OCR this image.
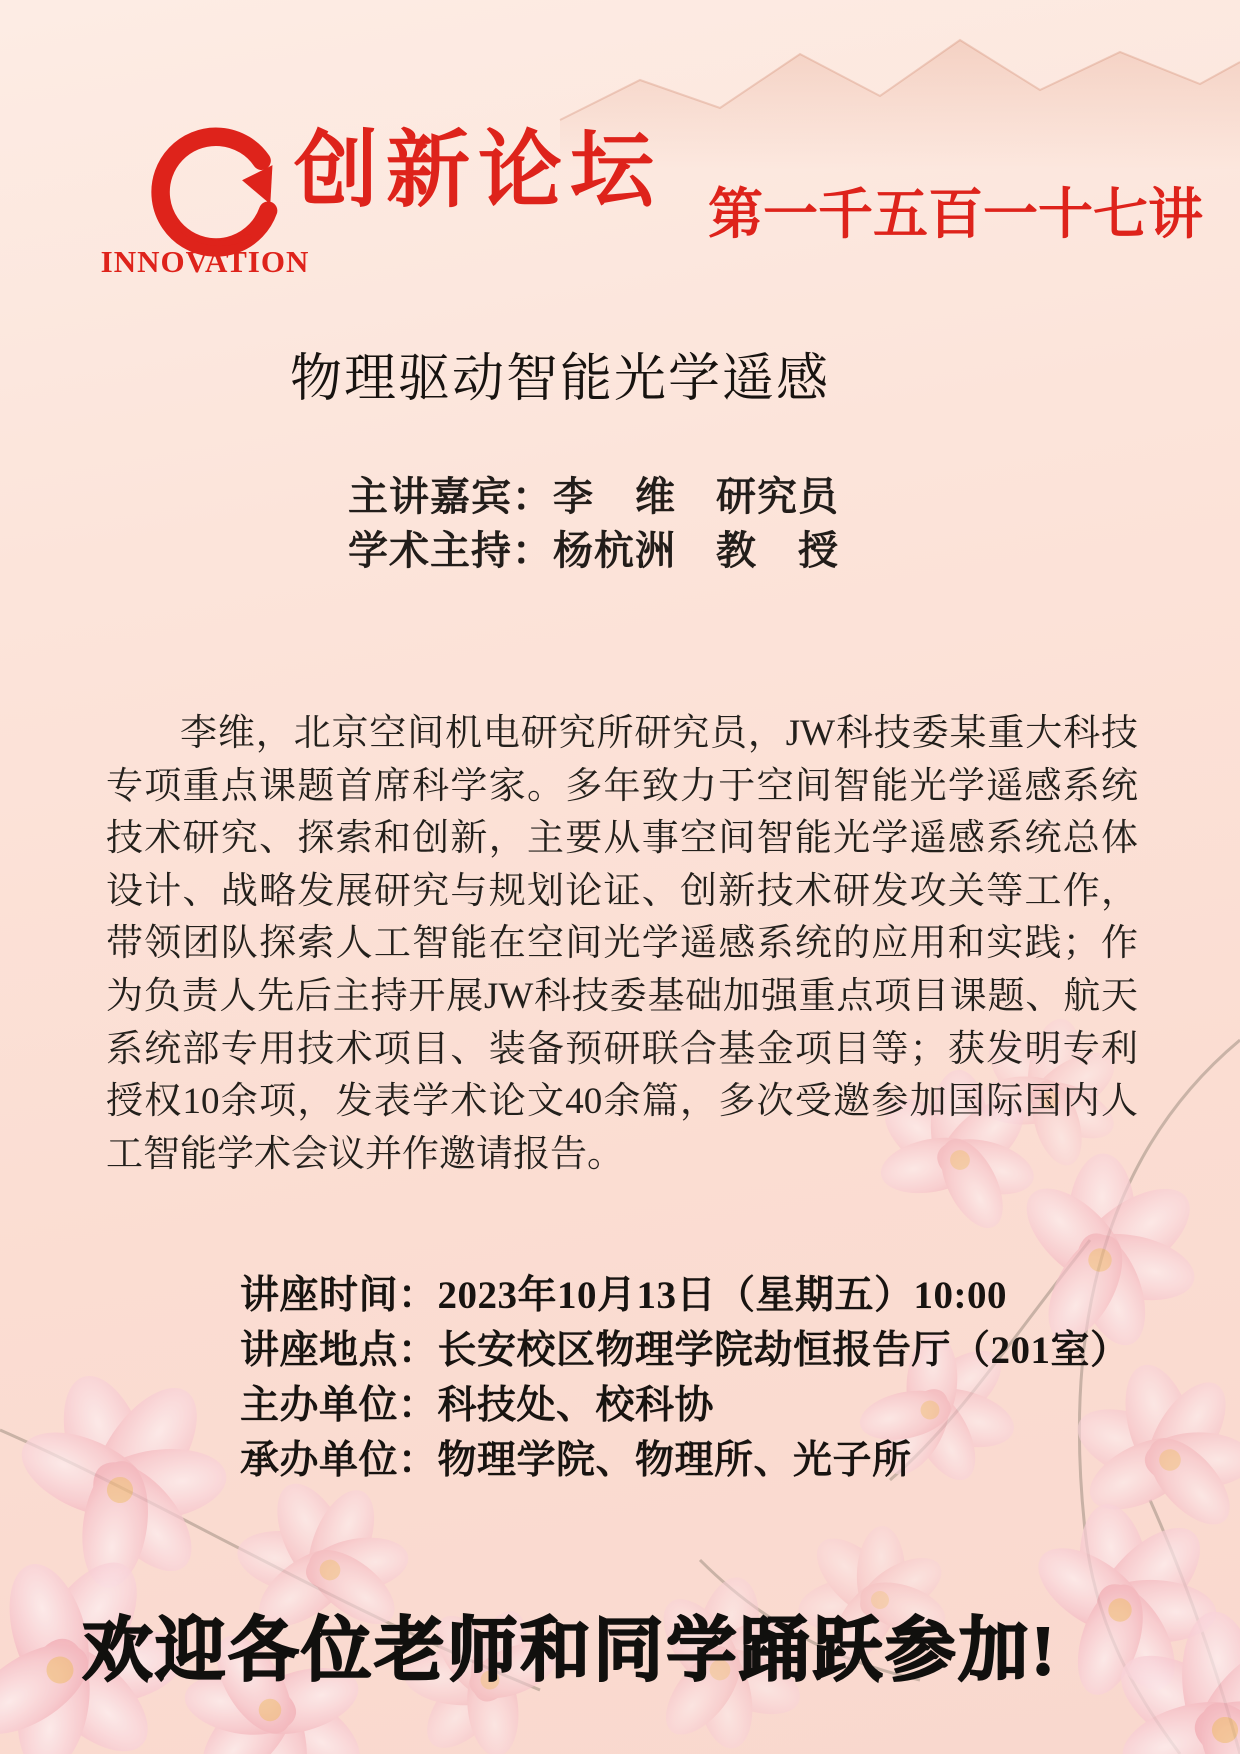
INNOVATION
创新论坛 第一千五百一十七讲
物理驱动智能光学遥感
主讲嘉宾：李　维 研究员
学术主持：杨杭洲 教　授

李维，北京空间机电研究所研究员，JW科技委某重大科技专项重点课题首席科学家。多年致力于空间智能光学遥感系统技术研究、探索和创新，主要从事空间智能光学遥感系统总体设计、战略发展研究与规划论证、创新技术研发攻关等工作，带领团队探索人工智能在空间光学遥感系统的应用和实践；作为负责人先后主持开展JW科技委基础加强重点项目课题、航天系统部专用技术项目、装备预研联合基金项目等；获发明专利授权10余项，发表学术论文40余篇，多次受邀参加国际国内人工智能学术会议并作邀请报告。

讲座时间：2023年10月13日（星期五）10:00
讲座地点：长安校区物理学院劫恒报告厅（201室）
主办单位：科技处、校科协
承办单位：物理学院、物理所、光子所
欢迎各位老师和同学踊跃参加!
